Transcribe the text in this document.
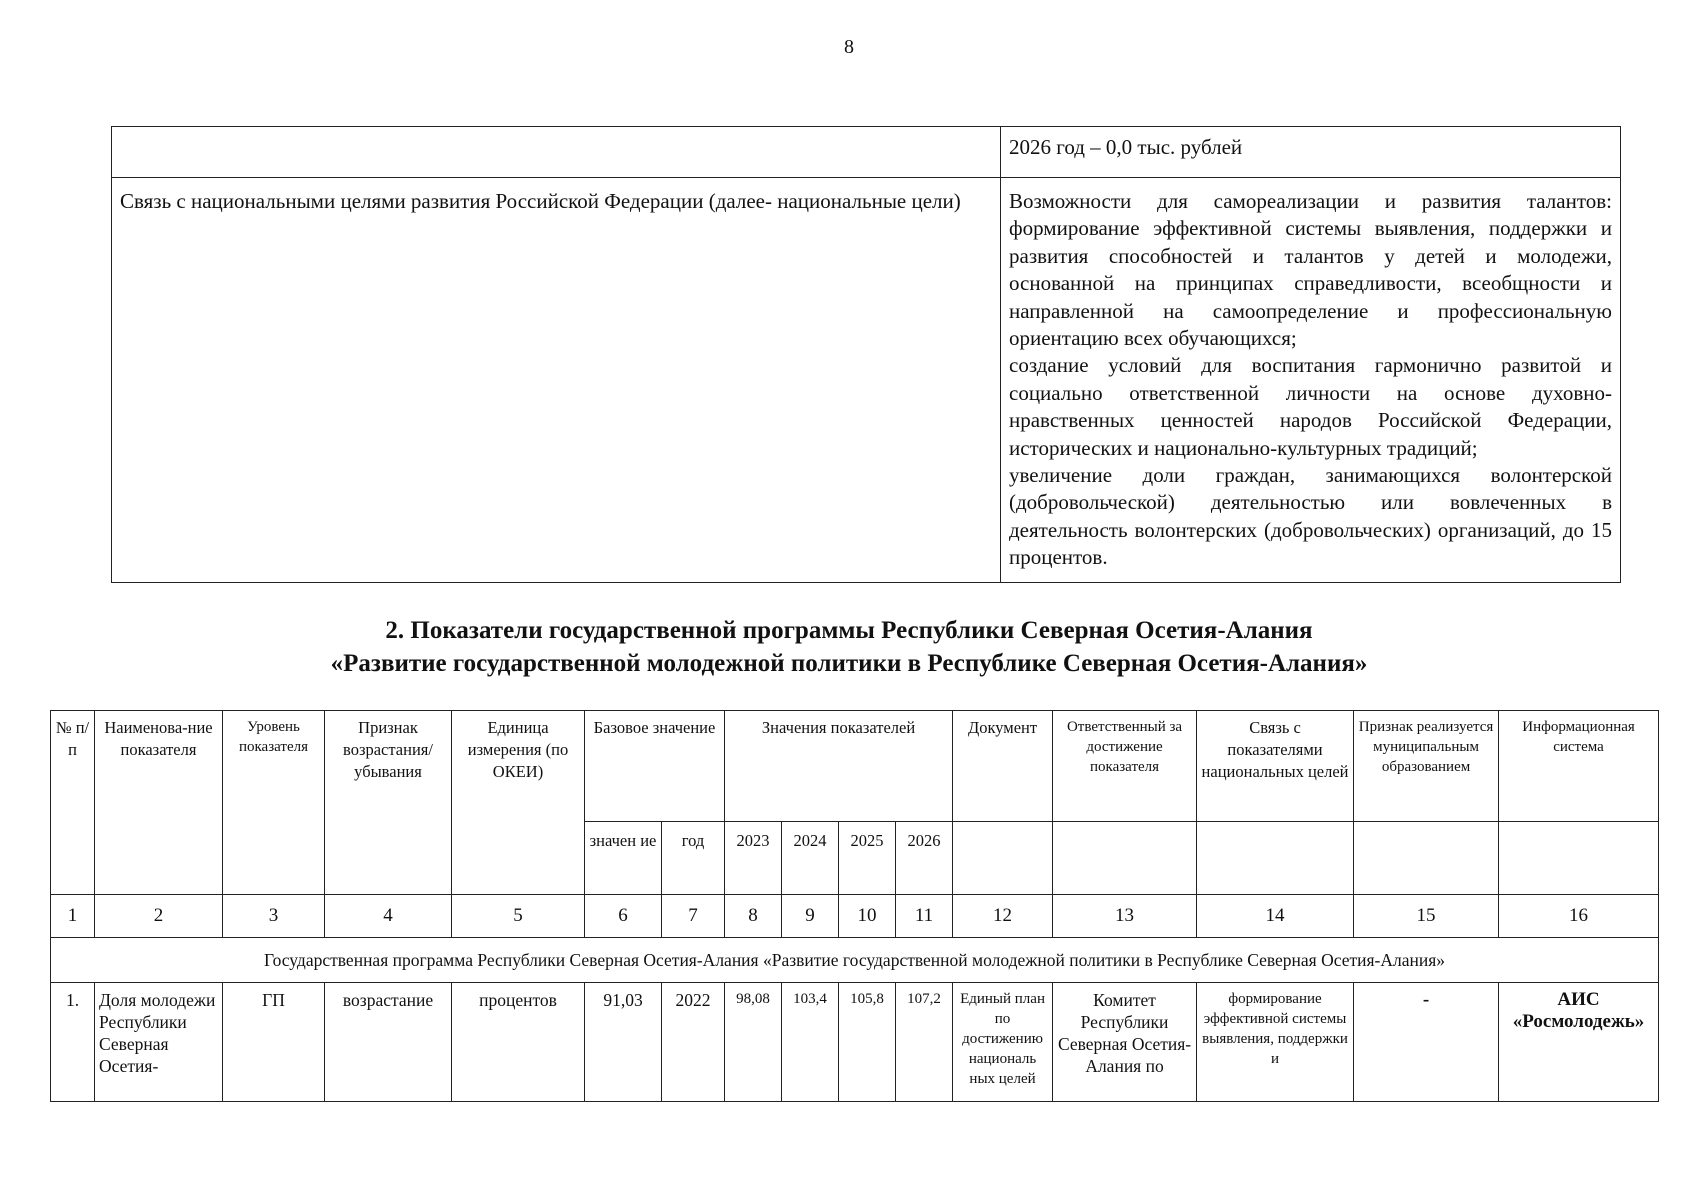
8
	2026 год – 0,0 тыс. рублей
Связь с национальными целями развития Российской Федерации (далее- национальные цели)	Возможности для самореализации и развития талантов: формирование эффективной системы выявления, поддержки и развития способностей и талантов у детей и молодежи, основанной на принципах справедливости, всеобщности и направленной на самоопределение и профессиональную ориентацию всех обучающихся;
создание условий для воспитания гармонично развитой и социально ответственной личности на основе духовно-нравственных ценностей народов Российской Федерации, исторических и национально-культурных традиций;
увеличение доли граждан, занимающихся волонтерской (добровольческой) деятельностью или вовлеченных в деятельность волонтерских (добровольческих) организаций, до 15 процентов.
2. Показатели государственной программы Республики Северная Осетия-Алания
«Развитие государственной молодежной политики в Республике Северная Осетия-Алания»
№ п/п	Наименова-ние показателя	Уровень показателя	Признак возрастания/ убывания	Единица измерения (по ОКЕИ)	Базовое значение		Значения показателей				Документ	Ответственный за достижение показателя	Связь с показателями национальных целей	Признак реализуется муниципальным образованием	Информационная система
					значен ие	год	2023	2024	2025	2026					
1	2	3	4	5	6	7	8	9	10	11	12	13	14	15	16
Государственная программа Республики Северная Осетия-Алания «Развитие государственной молодежной политики в Республике Северная Осетия-Алания»															
1.	Доля молодежи Республики Северная Осетия-	ГП	возрастание	процентов	91,03	2022	98,08	103,4	105,8	107,2	Единый план по достижению националь ных целей	Комитет Республики Северная Осетия-Алания по	формирование эффективной системы выявления, поддержки и	-	АИС «Росмолодежь»
